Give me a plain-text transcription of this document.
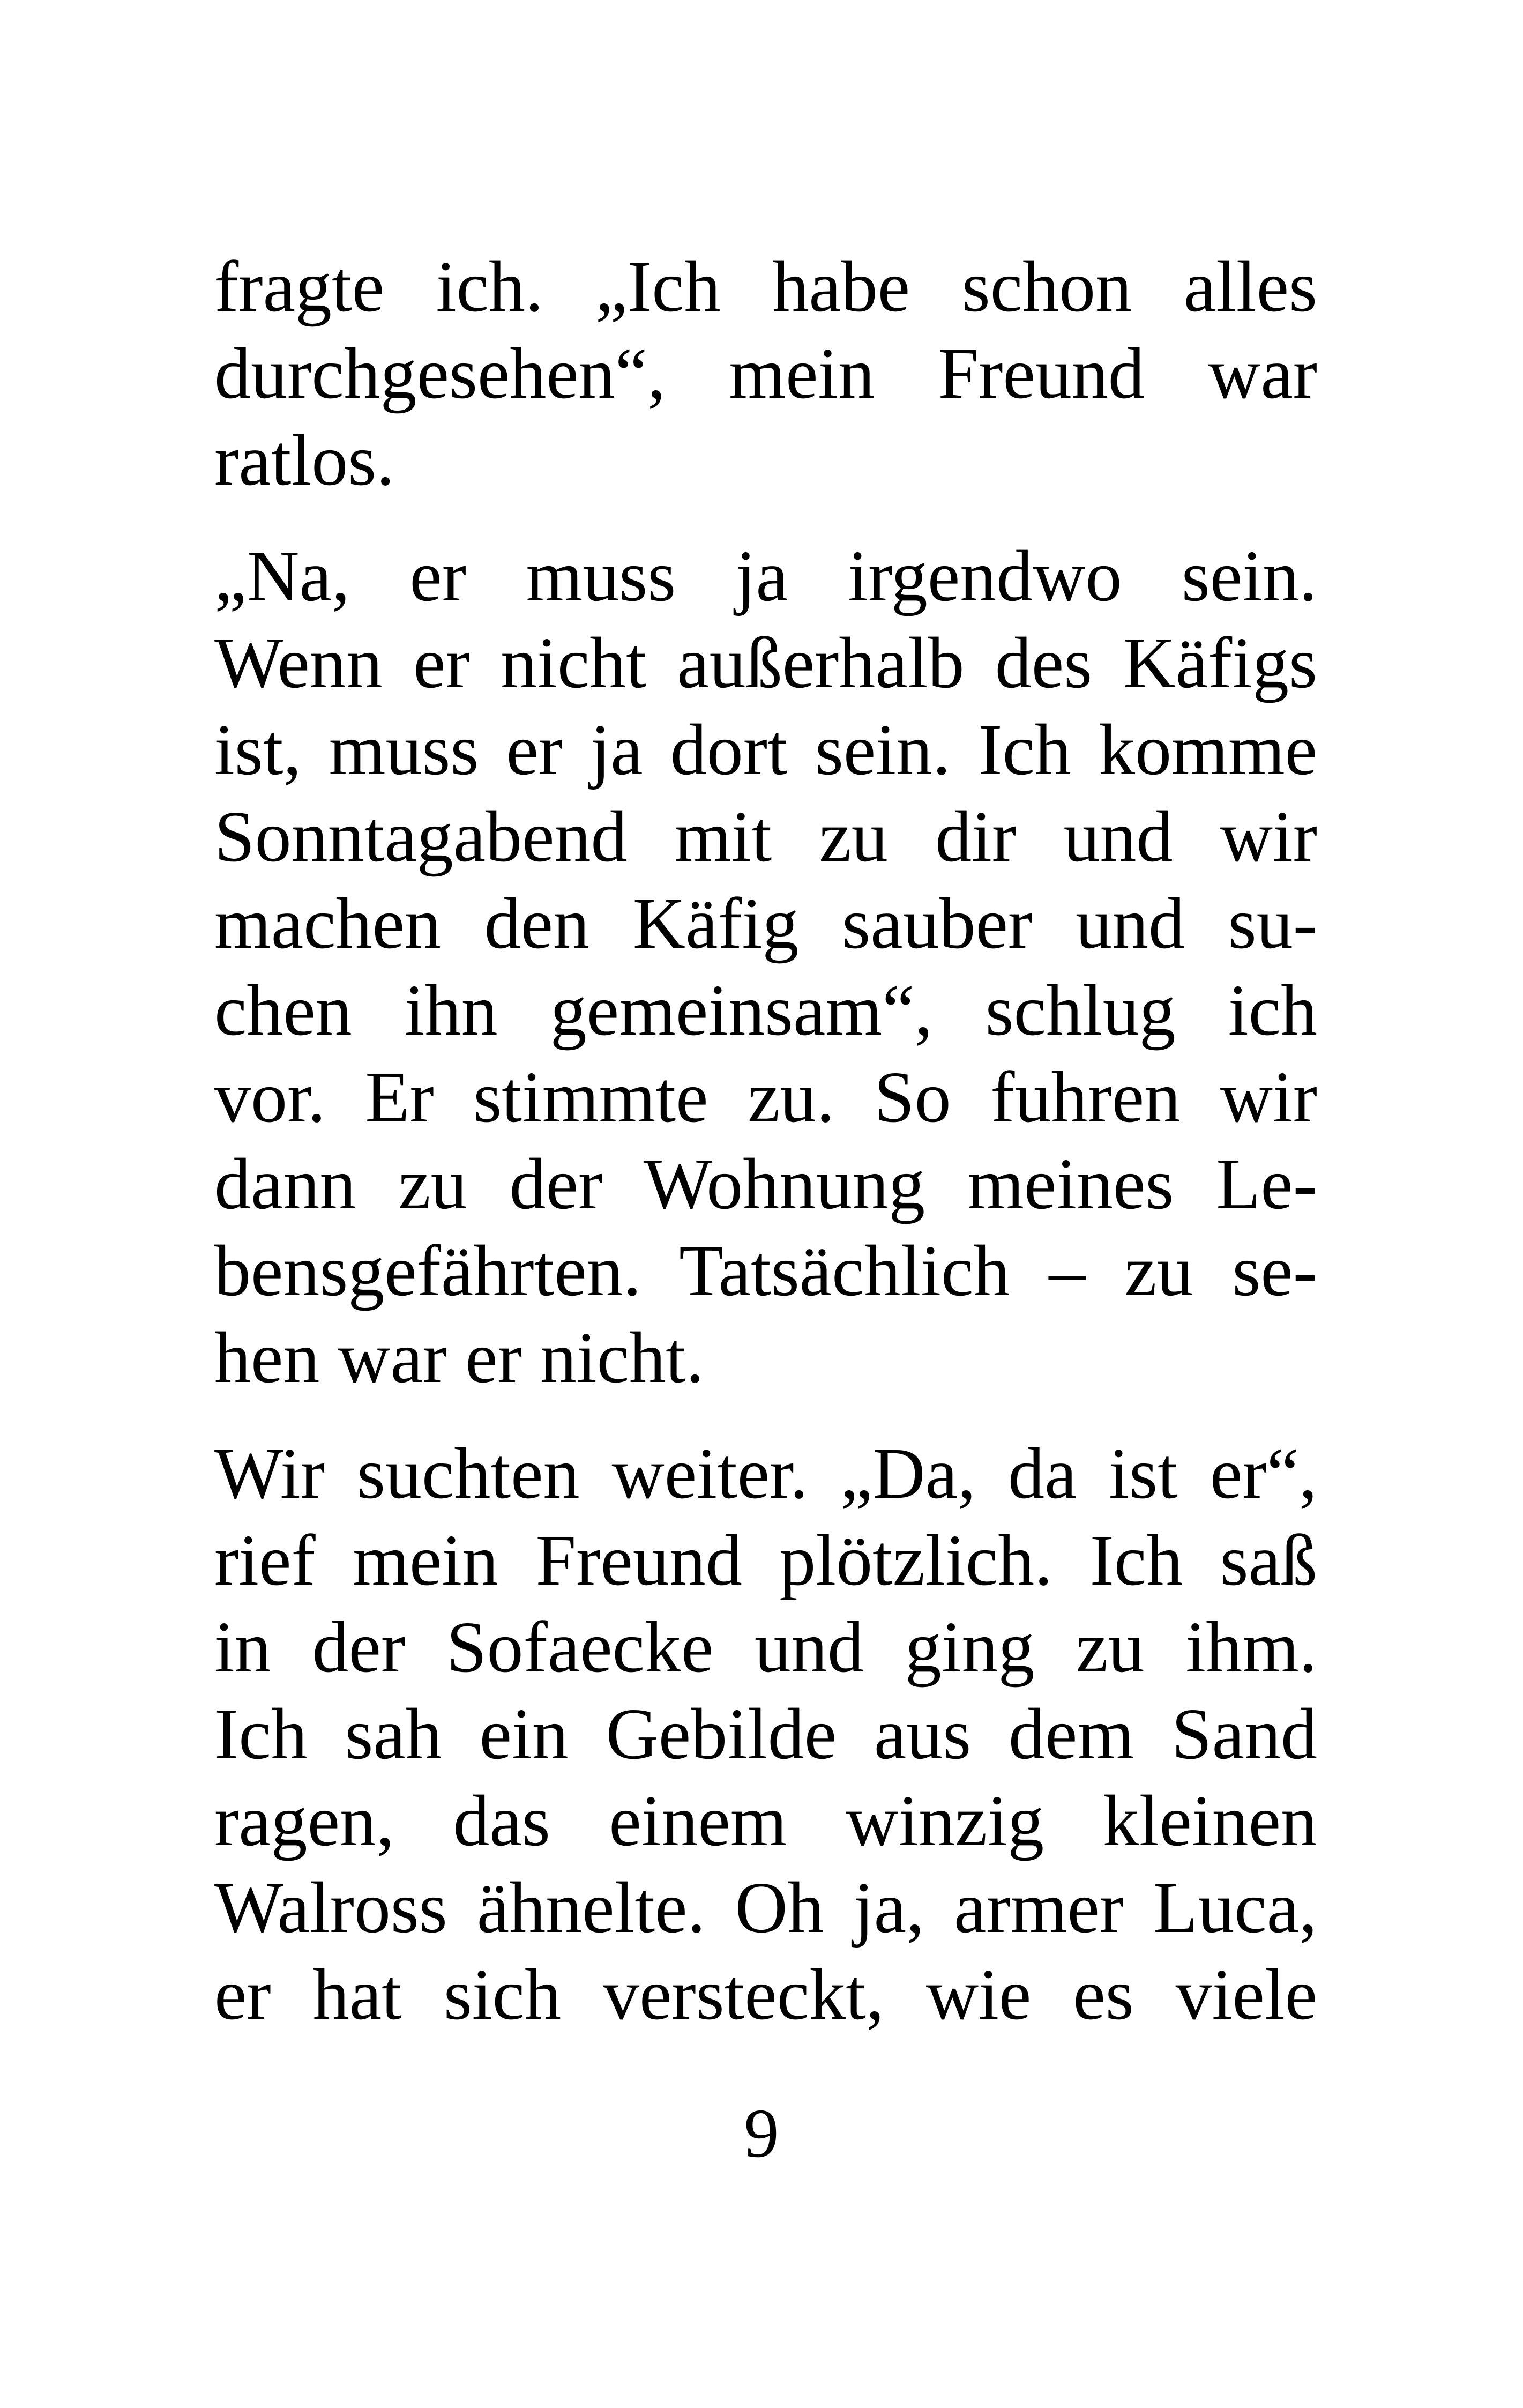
fragte ich. „Ich habe schon alles
durchgesehen“, mein Freund war
ratlos.
„Na, er muss ja irgendwo sein.
Wenn er nicht außerhalb des Käfigs
ist, muss er ja dort sein. Ich komme
Sonntagabend mit zu dir und wir
machen den Käfig sauber und su-
chen ihn gemeinsam“, schlug ich
vor. Er stimmte zu. So fuhren wir
dann zu der Wohnung meines Le-
bensgefährten. Tatsächlich – zu se-
hen war er nicht.
Wir suchten weiter. „Da, da ist er“,
rief mein Freund plötzlich. Ich saß
in der Sofaecke und ging zu ihm.
Ich sah ein Gebilde aus dem Sand
ragen, das einem winzig kleinen
Walross ähnelte. Oh ja, armer Luca,
er hat sich versteckt, wie es viele
9
